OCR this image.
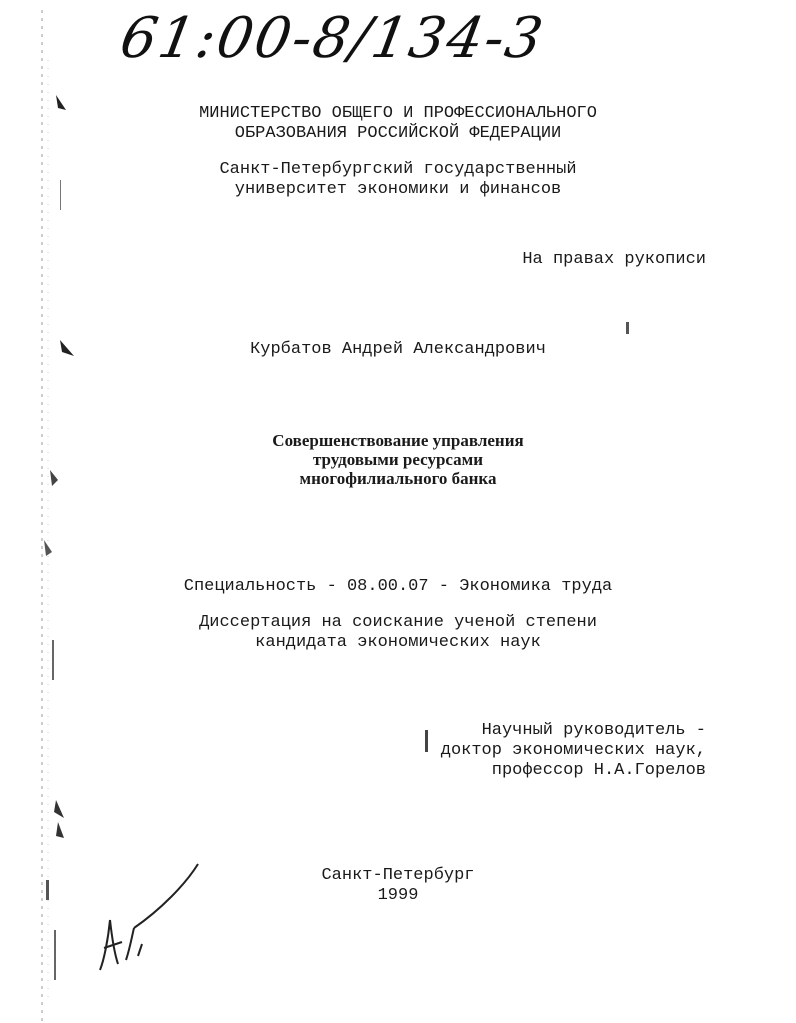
61:00-8/134-3
МИНИСТЕРСТВО ОБЩЕГО И ПРОФЕССИОНАЛЬНОГО
ОБРАЗОВАНИЯ РОССИЙСКОЙ ФЕДЕРАЦИИ
Санкт-Петербургский государственный
университет экономики и финансов
На правах рукописи
Курбатов Андрей Александрович
Совершенствование управления
трудовыми ресурсами
многофилиального банка
Специальность - 08.00.07 - Экономика труда
Диссертация на соискание ученой степени
кандидата экономических наук
Научный руководитель -
доктор экономических наук,
профессор Н.А.Горелов
Санкт-Петербург
1999
